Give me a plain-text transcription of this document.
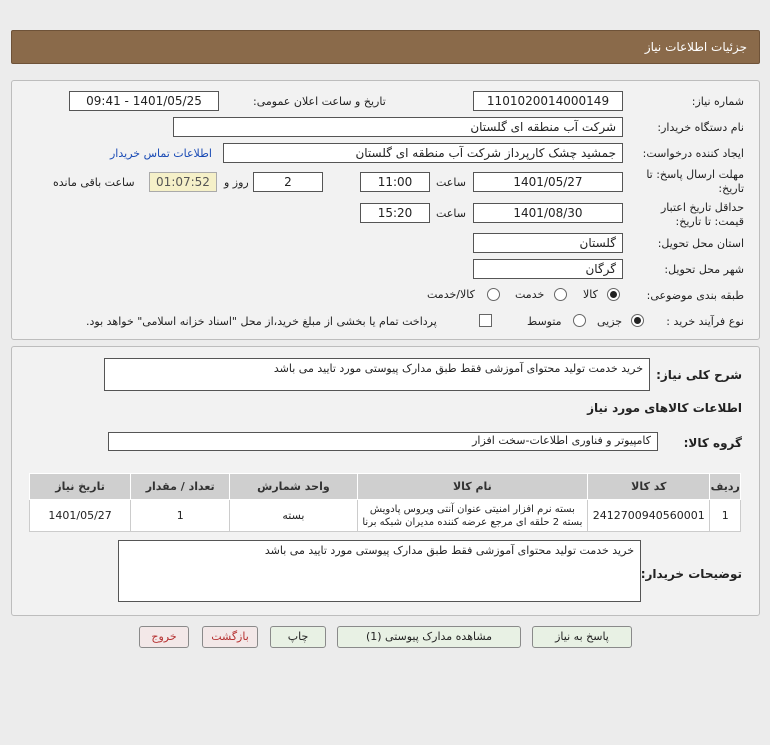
جزئیات اطلاعات نیاز
شماره نیاز:
1101020014000149
تاریخ و ساعت اعلان عمومی:
1401/05/25 - 09:41
نام دستگاه خریدار:
شرکت آب منطقه ای گلستان
ایجاد کننده درخواست:
جمشید چشک کارپرداز شرکت آب منطقه ای گلستان
اطلاعات تماس خریدار
مهلت ارسال پاسخ: تا
تاریخ:
1401/05/27
ساعت
11:00
2
روز و
01:07:52
ساعت باقی مانده
حداقل تاریخ اعتبار
قیمت: تا تاریخ:
1401/08/30
ساعت
15:20
استان محل تحویل:
گلستان
شهر محل تحویل:
گرگان
طبقه بندی موضوعی:
کالا
خدمت
کالا/خدمت
نوع فرآیند خرید :
جزیی
متوسط
پرداخت تمام یا بخشی از مبلغ خرید،از محل "اسناد خزانه اسلامی" خواهد بود.
شرح کلی نیاز:
خرید خدمت تولید محتوای آموزشی فقط طبق مدارک پیوستی مورد تایید می باشد
اطلاعات کالاهای مورد نیاز
گروه کالا:
کامپیوتر و فناوری اطلاعات-سخت افزار
ردیف	کد کالا	نام کالا	واحد شمارش	تعداد / مقدار	تاریخ نیاز
1	2412700940560001	بسته نرم افزار امنیتی عنوان آنتی ویروس پادویش بسته 2 حلقه ای مرجع عرضه کننده مدیران شبکه برنا	بسته	1	1401/05/27
توضیحات خریدار:
خرید خدمت تولید محتوای آموزشی فقط طبق مدارک پیوستی مورد تایید می باشد
پاسخ به نیاز
مشاهده مدارک پیوستی (1)
چاپ
بازگشت
خروج
